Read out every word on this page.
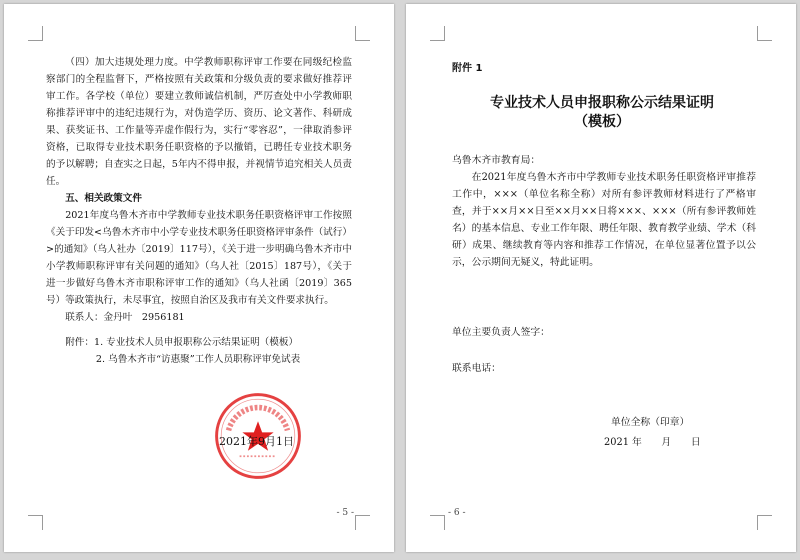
（四）加大违规处理力度。中学教师职称评审工作要在同级纪检监察部门的全程监督下，严格按照有关政策和分级负责的要求做好推荐评审工作。各学校（单位）要建立教师诚信机制，严厉查处中小学教师职称推荐评审中的违纪违规行为，对伪造学历、资历、论文著作、科研成果、获奖证书、工作量等弄虚作假行为，实行“零容忍”，一律取消参评资格，已取得专业技术职务任职资格的予以撤销，已聘任专业技术职务的予以解聘；自查实之日起，5年内不得申报，并视情节追究相关人员责任。

五、相关政策文件

2021年度乌鲁木齐市中学教师专业技术职务任职资格评审工作按照《关于印发<乌鲁木齐市中小学专业技术职务任职资格评审条件（试行）>的通知》（乌人社办〔2019〕117号），《关于进一步明确乌鲁木齐市中小学教师职称评审有关问题的通知》（乌人社〔2015〕187号），《关于进一步做好乌鲁木齐市职称评审工作的通知》（乌人社函〔2019〕365号）等政策执行，未尽事宜，按照自治区及我市有关文件要求执行。

联系人：金丹叶　2956181

附件：1. 专业技术人员申报职称公示结果证明（模板）

2. 乌鲁木齐市“访惠聚”工作人员职称评审免试表

2021年9月1日
- 5 -
附件 1
专业技术人员申报职称公示结果证明
（模板）

乌鲁木齐市教育局：

在2021年度乌鲁木齐市中学教师专业技术职务任职资格评审推荐工作中，×××（单位名称全称）对所有参评教师材料进行了严格审查，并于××月××日至××月××日将×××、×××（所有参评教师姓名）的基本信息、专业工作年限、聘任年限、教育教学业绩、学术（科研）成果、继续教育等内容和推荐工作情况，在单位显著位置予以公示，公示期间无疑义，特此证明。

单位主要负责人签字：
联系电话：
单位全称（印章）
2021 年　　月　　日
- 6 -
